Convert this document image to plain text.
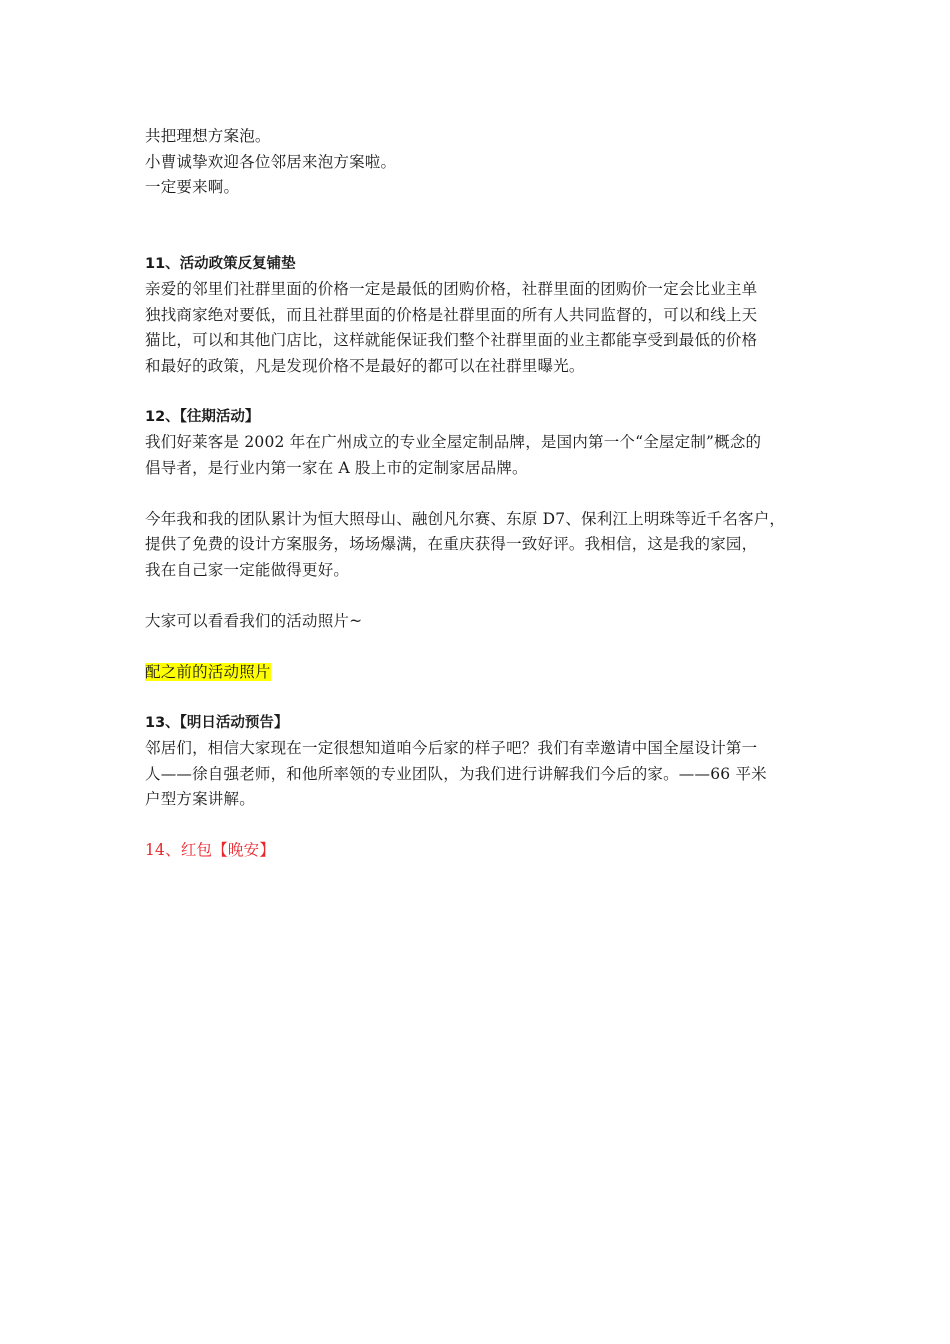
共把理想方案泡。
小曹诚挚欢迎各位邻居来泡方案啦。
一定要来啊。
11、活动政策反复铺垫
亲爱的邻里们社群里面的价格一定是最低的团购价格，社群里面的团购价一定会比业主单
独找商家绝对要低，而且社群里面的价格是社群里面的所有人共同监督的，可以和线上天
猫比，可以和其他门店比，这样就能保证我们整个社群里面的业主都能享受到最低的价格
和最好的政策，凡是发现价格不是最好的都可以在社群里曝光。
12、【往期活动】
我们好莱客是 2002 年在广州成立的专业全屋定制品牌，是国内第一个“全屋定制”概念的
倡导者，是行业内第一家在 A 股上市的定制家居品牌。
今年我和我的团队累计为恒大照母山、融创凡尔赛、东原 D7、保利江上明珠等近千名客户，
提供了免费的设计方案服务，场场爆满，在重庆获得一致好评。我相信，这是我的家园，
我在自己家一定能做得更好。
大家可以看看我们的活动照片~
配之前的活动照片
13、【明日活动预告】
邻居们，相信大家现在一定很想知道咱今后家的样子吧？我们有幸邀请中国全屋设计第一
人——徐自强老师，和他所率领的专业团队，为我们进行讲解我们今后的家。——66 平米
户型方案讲解。
14、红包【晚安】
